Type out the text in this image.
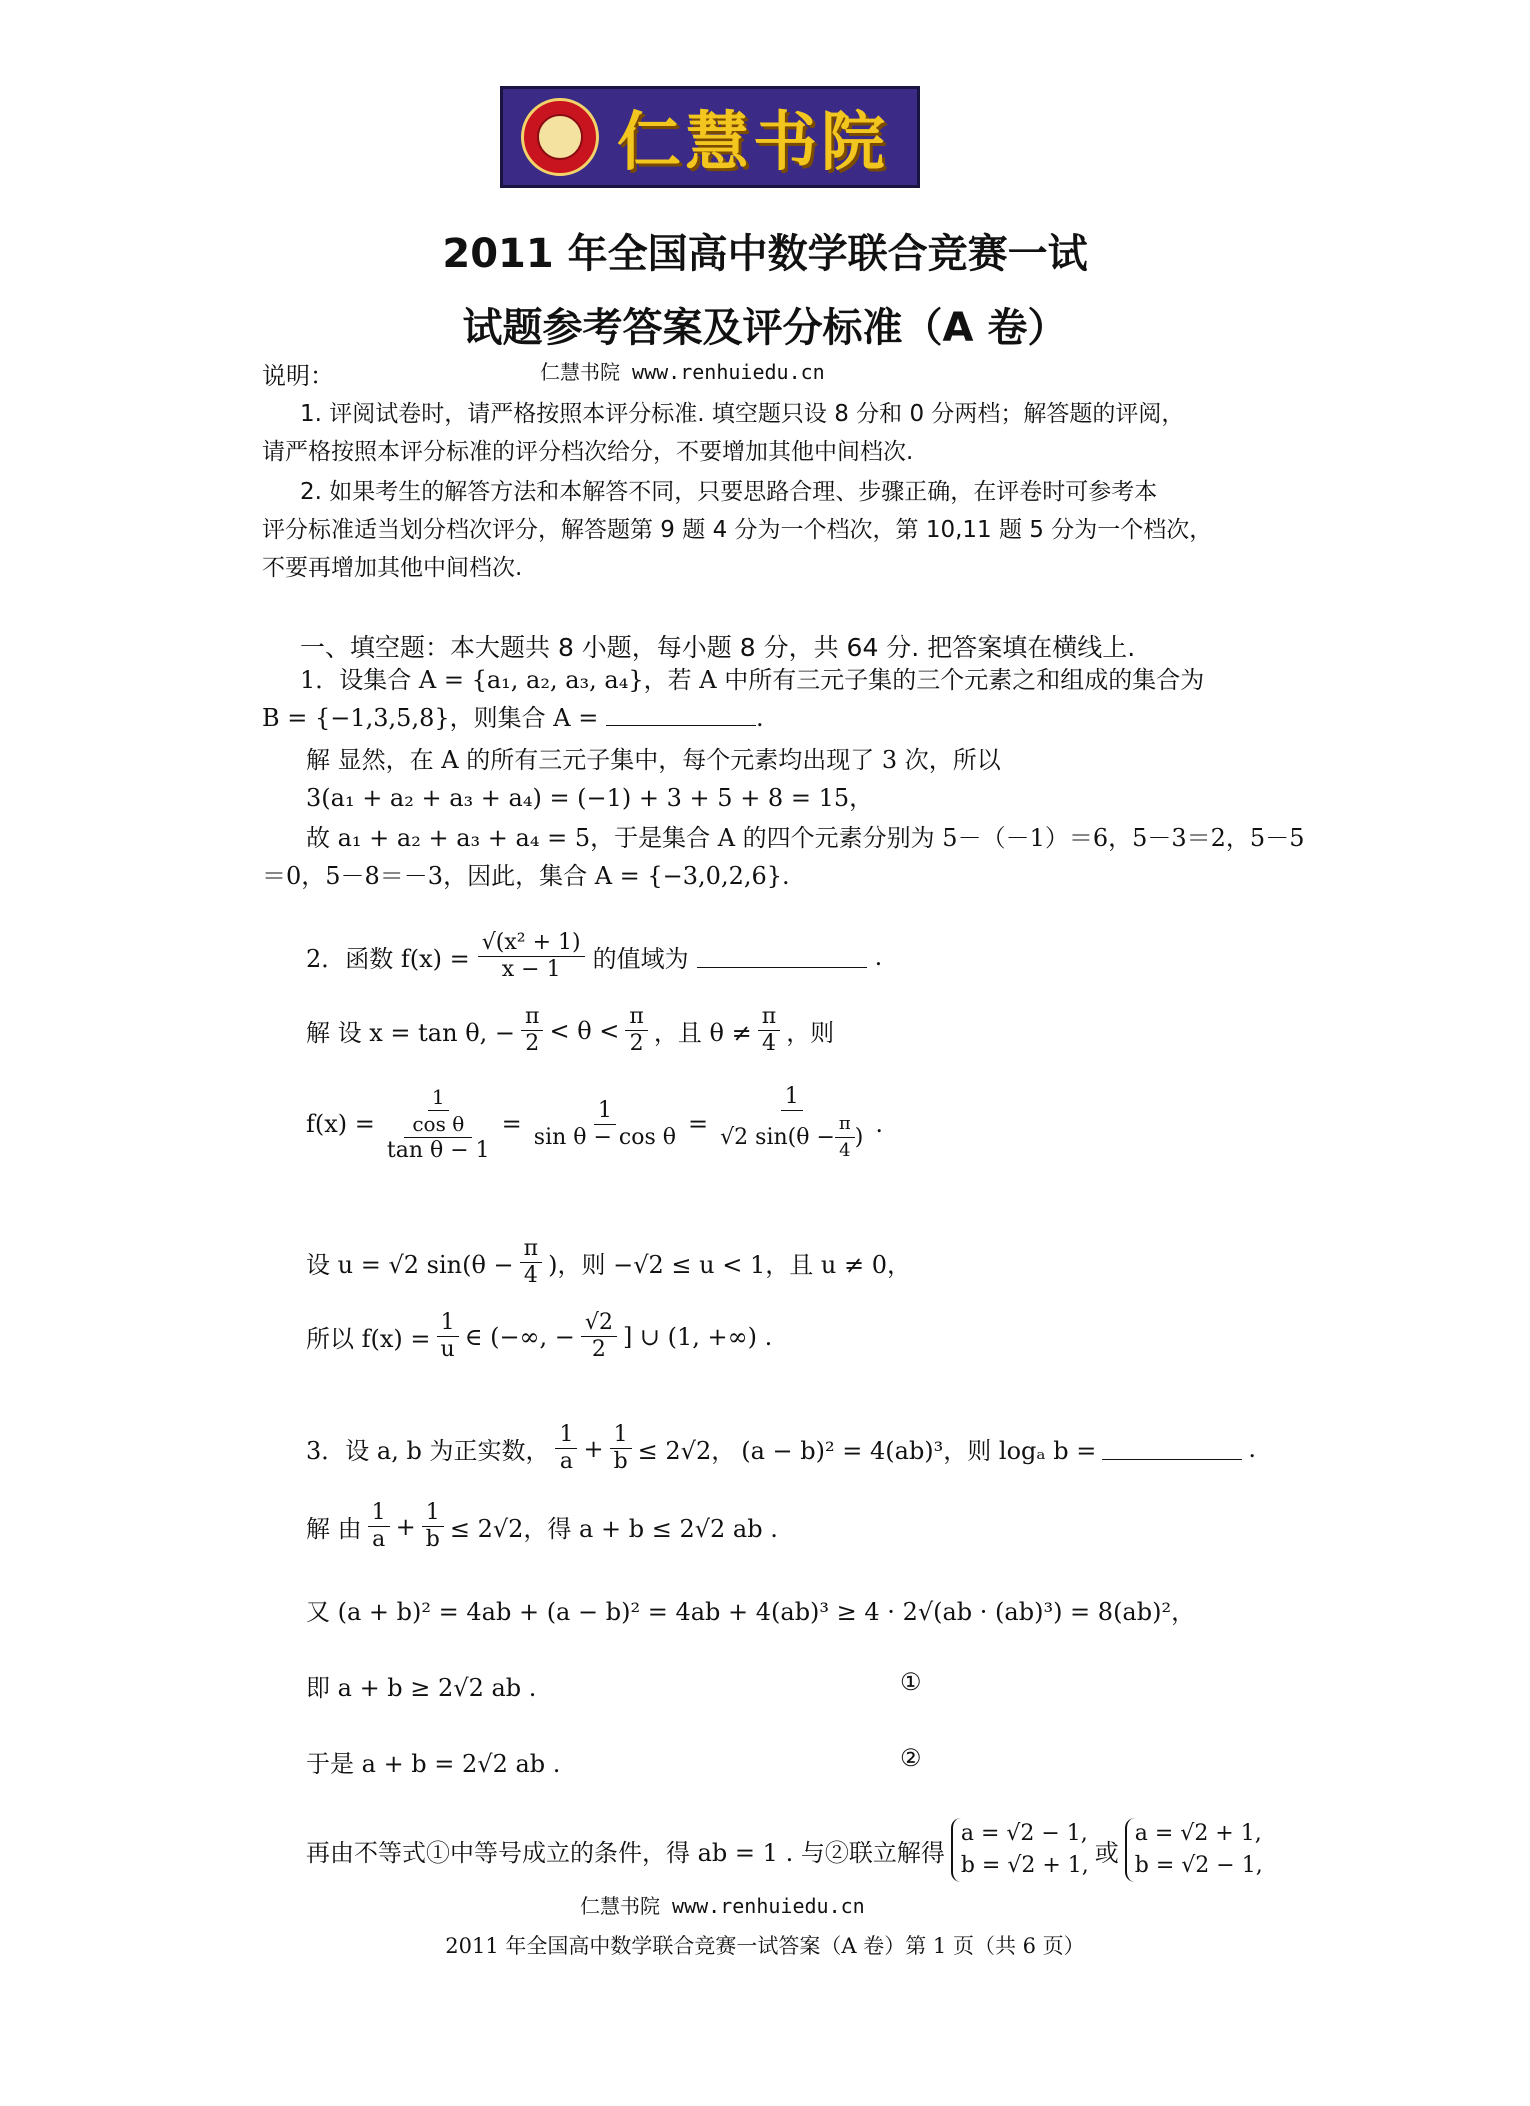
仁慧书院
2011 年全国高中数学联合竞赛一试
试题参考答案及评分标准（A 卷）
说明：	仁慧书院 www.renhuiedu.cn
1. 评阅试卷时，请严格按照本评分标准. 填空题只设 8 分和 0 分两档；解答题的评阅，
请严格按照本评分标准的评分档次给分，不要增加其他中间档次.
2. 如果考生的解答方法和本解答不同，只要思路合理、步骤正确，在评卷时可参考本
评分标准适当划分档次评分，解答题第 9 题 4 分为一个档次，第 10,11 题 5 分为一个档次，
不要再增加其他中间档次.
一、填空题：本大题共 8 小题，每小题 8 分，共 64 分. 把答案填在横线上.
1．设集合 A = {a₁, a₂, a₃, a₄}，若 A 中所有三元子集的三个元素之和组成的集合为
B = {−1,3,5,8}，则集合 A =	.
解 显然，在 A 的所有三元子集中，每个元素均出现了 3 次，所以
3(a₁ + a₂ + a₃ + a₄) = (−1) + 3 + 5 + 8 = 15，
故 a₁ + a₂ + a₃ + a₄ = 5，于是集合 A 的四个元素分别为 5－（－1）＝6，5－3＝2，5－5
＝0，5－8＝－3，因此，集合 A = {−3,0,2,6}.
2．函数 $f(x) = \frac{\text{√(x² + 1)}}{x - 1}$ 的值域为	.
解 设 x = tan θ, − $\frac{\pi}{2} < \theta < \frac{\pi}{2}$ ，且 $\theta \ne \frac{\pi}{4}$ ，则
$f(x) = \frac{\frac{1}{\text{cos θ}}}{\text{tan θ − 1}} = \frac{1}{\text{sin θ − cos θ}} = \frac{1}{√2 \sin(\theta - \frac{\pi}{4} )}$ .
设 u = √2 $\sin(\theta - \frac{\pi}{4}$ )，则 −√2 ≤ u < 1，且 u ≠ 0，
所以 $f(x) = \frac{1}{u}$ ∈ (−∞, − $\frac{√2}{2}$ ] ∪ (1, +∞) .
3．设 a, b 为正实数， $\frac{1}{a} + \frac{1}{b} \le 2√2$， (a − b)² = 4(ab)³，则 logₐ b =	.
解 由 $\frac{1}{a} + \frac{1}{b} \le 2√2$，得 a + b ≤ 2√2 ab .
又 (a + b)² = 4ab + (a − b)² = 4ab + 4(ab)³ ≥ 4 · 2√(ab · (ab)³) = 8(ab)²，
即 a + b ≥ 2√2 ab .	①
于是 a + b = 2√2 ab .	②
再由不等式①中等号成立的条件，得 ab = 1 . 与②联立解得
a = √2 − 1,
b = √2 + 1, 或
a = √2 + 1,
b = √2 − 1,
仁慧书院 www.renhuiedu.cn
2011 年全国高中数学联合竞赛一试答案（A 卷）第 1 页（共 6 页）
